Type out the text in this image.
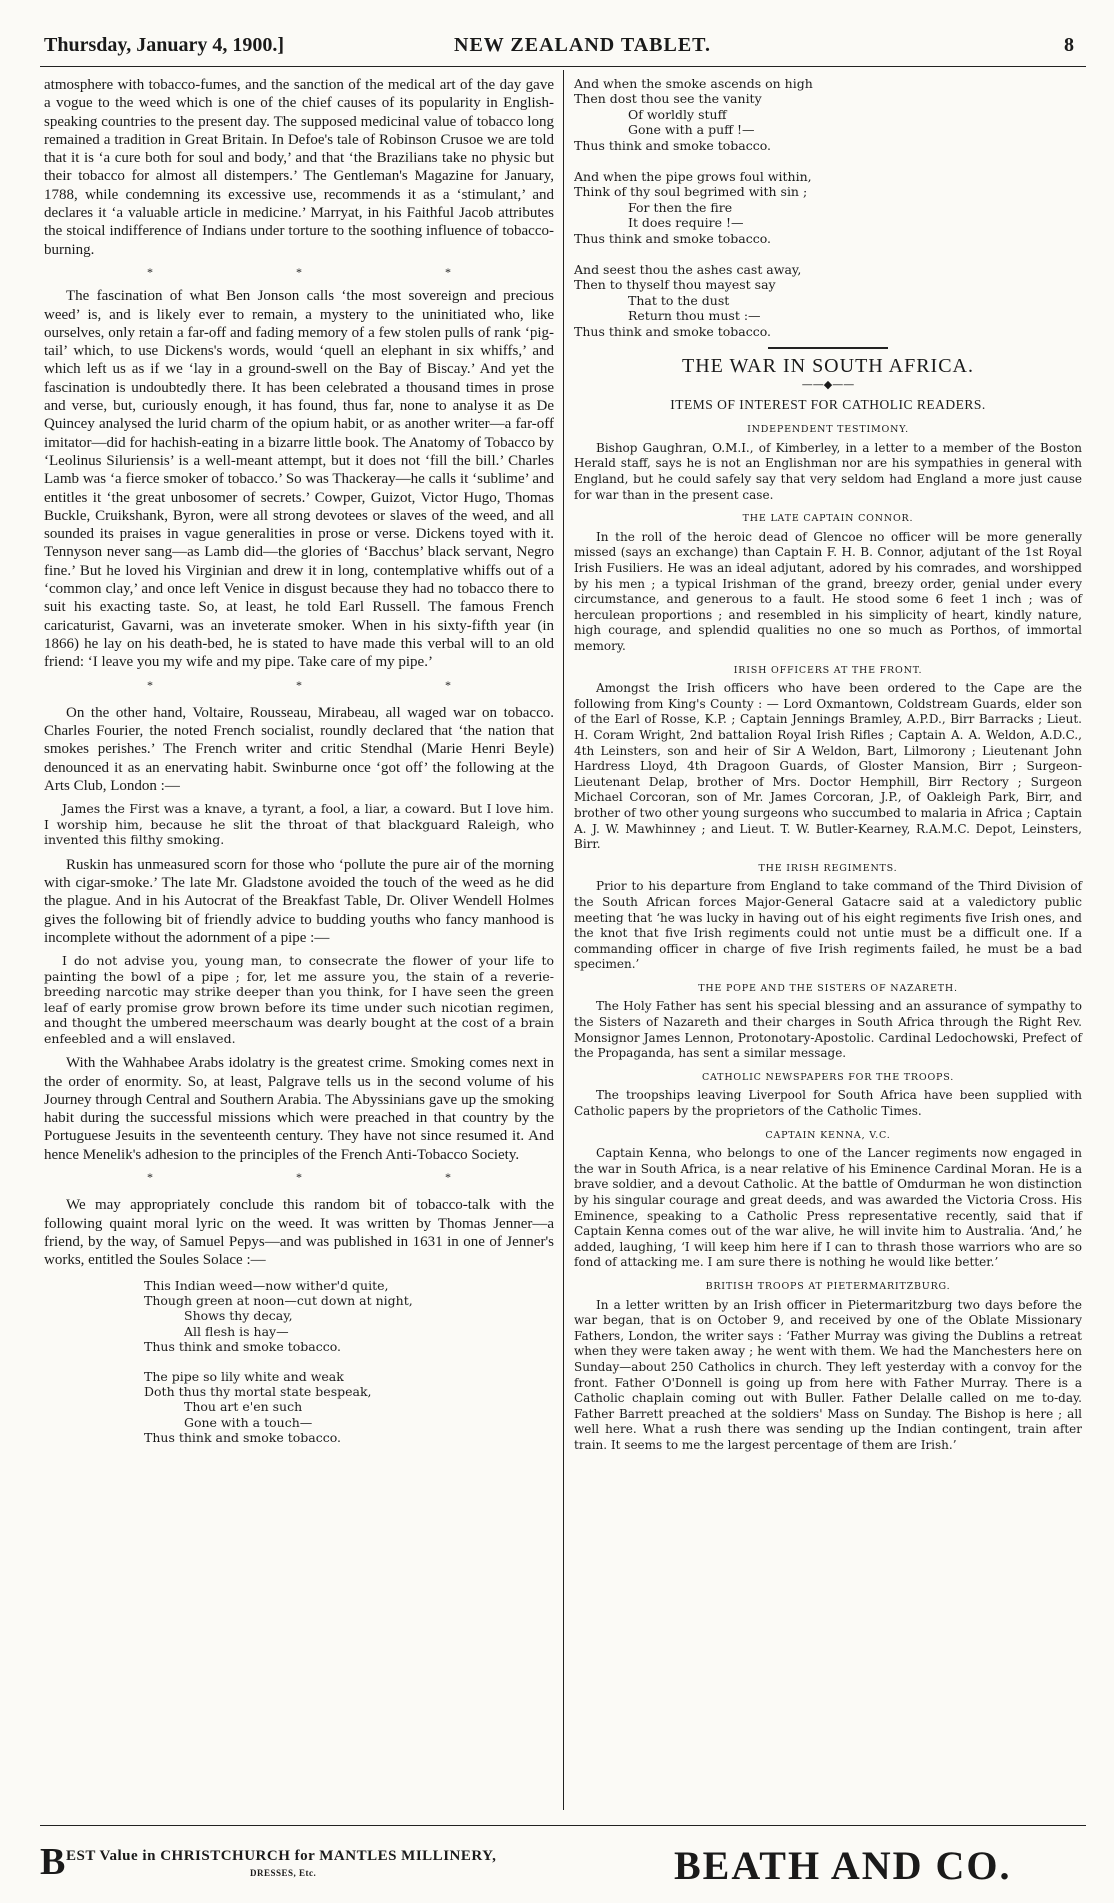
Thursday, January 4, 1900.]	NEW ZEALAND TABLET.	8

atmosphere with tobacco-fumes, and the sanction of the medical art of the day gave a vogue to the weed which is one of the chief causes of its popularity in English-speaking countries to the present day. The supposed medicinal value of tobacco long remained a tradition in Great Britain. In Defoe's tale of Robinson Crusoe we are told that it is ‘a cure both for soul and body,’ and that ‘the Brazilians take no physic but their tobacco for almost all distempers.’ The Gentleman's Magazine for January, 1788, while condemning its excessive use, recommends it as a ‘stimulant,’ and declares it ‘a valuable article in medicine.’ Marryat, in his Faithful Jacob attributes the stoical indifference of Indians under torture to the soothing influence of tobacco-burning.

* * *

The fascination of what Ben Jonson calls ‘the most sovereign and precious weed’ is, and is likely ever to remain, a mystery to the uninitiated who, like ourselves, only retain a far-off and fading memory of a few stolen pulls of rank ‘pig-tail’ which, to use Dickens's words, would ‘quell an elephant in six whiffs,’ and which left us as if we ‘lay in a ground-swell on the Bay of Biscay.’ And yet the fascination is undoubtedly there. It has been celebrated a thousand times in prose and verse, but, curiously enough, it has found, thus far, none to analyse it as De Quincey analysed the lurid charm of the opium habit, or as another writer—a far-off imitator—did for hachish-eating in a bizarre little book. The Anatomy of Tobacco by ‘Leolinus Siluriensis’ is a well-meant attempt, but it does not ‘fill the bill.’ Charles Lamb was ‘a fierce smoker of tobacco.’ So was Thackeray—he calls it ‘sublime’ and entitles it ‘the great unbosomer of secrets.’ Cowper, Guizot, Victor Hugo, Thomas Buckle, Cruikshank, Byron, were all strong devotees or slaves of the weed, and all sounded its praises in vague generalities in prose or verse. Dickens toyed with it. Tennyson never sang—as Lamb did—the glories of ‘Bacchus’ black servant, Negro fine.’ But he loved his Virginian and drew it in long, contemplative whiffs out of a ‘common clay,’ and once left Venice in disgust because they had no tobacco there to suit his exacting taste. So, at least, he told Earl Russell. The famous French caricaturist, Gavarni, was an inveterate smoker. When in his sixty-fifth year (in 1866) he lay on his death-bed, he is stated to have made this verbal will to an old friend: ‘I leave you my wife and my pipe. Take care of my pipe.’

* * *

On the other hand, Voltaire, Rousseau, Mirabeau, all waged war on tobacco. Charles Fourier, the noted French socialist, roundly declared that ‘the nation that smokes perishes.’ The French writer and critic Stendhal (Marie Henri Beyle) denounced it as an enervating habit. Swinburne once ‘got off’ the following at the Arts Club, London :—

James the First was a knave, a tyrant, a fool, a liar, a coward. But I love him. I worship him, because he slit the throat of that blackguard Raleigh, who invented this filthy smoking.

Ruskin has unmeasured scorn for those who ‘pollute the pure air of the morning with cigar-smoke.’ The late Mr. Gladstone avoided the touch of the weed as he did the plague. And in his Autocrat of the Breakfast Table, Dr. Oliver Wendell Holmes gives the following bit of friendly advice to budding youths who fancy manhood is incomplete without the adornment of a pipe :—

I do not advise you, young man, to consecrate the flower of your life to painting the bowl of a pipe ; for, let me assure you, the stain of a reverie-breeding narcotic may strike deeper than you think, for I have seen the green leaf of early promise grow brown before its time under such nicotian regimen, and thought the umbered meerschaum was dearly bought at the cost of a brain enfeebled and a will enslaved.

With the Wahhabee Arabs idolatry is the greatest crime. Smoking comes next in the order of enormity. So, at least, Palgrave tells us in the second volume of his Journey through Central and Southern Arabia. The Abyssinians gave up the smoking habit during the successful missions which were preached in that country by the Portuguese Jesuits in the seventeenth century. They have not since resumed it. And hence Menelik's adhesion to the principles of the French Anti-Tobacco Society.

* * *

We may appropriately conclude this random bit of tobacco-talk with the following quaint moral lyric on the weed. It was written by Thomas Jenner—a friend, by the way, of Samuel Pepys—and was published in 1631 in one of Jenner's works, entitled the Soules Solace :—

This Indian weed—now wither'd quite,
Though green at noon—cut down at night,
Shows thy decay,
All flesh is hay—
Thus think and smoke tobacco.
The pipe so lily white and weak
Doth thus thy mortal state bespeak,
Thou art e'en such
Gone with a touch—
Thus think and smoke tobacco.
And when the smoke ascends on high
Then dost thou see the vanity
Of worldly stuff
Gone with a puff !—
Thus think and smoke tobacco.
And when the pipe grows foul within,
Think of thy soul begrimed with sin ;
For then the fire
It does require !—
Thus think and smoke tobacco.
And seest thou the ashes cast away,
Then to thyself thou mayest say
That to the dust
Return thou must :—
Thus think and smoke tobacco.
THE WAR IN SOUTH AFRICA.
——◆——
ITEMS OF INTEREST FOR CATHOLIC READERS.
INDEPENDENT TESTIMONY.

Bishop Gaughran, O.M.I., of Kimberley, in a letter to a member of the Boston Herald staff, says he is not an Englishman nor are his sympathies in general with England, but he could safely say that very seldom had England a more just cause for war than in the present case.

THE LATE CAPTAIN CONNOR.

In the roll of the heroic dead of Glencoe no officer will be more generally missed (says an exchange) than Captain F. H. B. Connor, adjutant of the 1st Royal Irish Fusiliers. He was an ideal adjutant, adored by his comrades, and worshipped by his men ; a typical Irishman of the grand, breezy order, genial under every circumstance, and generous to a fault. He stood some 6 feet 1 inch ; was of herculean proportions ; and resembled in his simplicity of heart, kindly nature, high courage, and splendid qualities no one so much as Porthos, of immortal memory.

IRISH OFFICERS AT THE FRONT.

Amongst the Irish officers who have been ordered to the Cape are the following from King's County : — Lord Oxmantown, Coldstream Guards, elder son of the Earl of Rosse, K.P. ; Captain Jennings Bramley, A.P.D., Birr Barracks ; Lieut. H. Coram Wright, 2nd battalion Royal Irish Rifles ; Captain A. A. Weldon, A.D.C., 4th Leinsters, son and heir of Sir A Weldon, Bart, Lilmorony ; Lieutenant John Hardress Lloyd, 4th Dragoon Guards, of Gloster Mansion, Birr ; Surgeon-Lieutenant Delap, brother of Mrs. Doctor Hemphill, Birr Rectory ; Surgeon Michael Corcoran, son of Mr. James Corcoran, J.P., of Oakleigh Park, Birr, and brother of two other young surgeons who succumbed to malaria in Africa ; Captain A. J. W. Mawhinney ; and Lieut. T. W. Butler-Kearney, R.A.M.C. Depot, Leinsters, Birr.

THE IRISH REGIMENTS.

Prior to his departure from England to take command of the Third Division of the South African forces Major-General Gatacre said at a valedictory public meeting that ‘he was lucky in having out of his eight regiments five Irish ones, and the knot that five Irish regiments could not untie must be a difficult one. If a commanding officer in charge of five Irish regiments failed, he must be a bad specimen.’

THE POPE AND THE SISTERS OF NAZARETH.

The Holy Father has sent his special blessing and an assurance of sympathy to the Sisters of Nazareth and their charges in South Africa through the Right Rev. Monsignor James Lennon, Protonotary-Apostolic. Cardinal Ledochowski, Prefect of the Propaganda, has sent a similar message.

CATHOLIC NEWSPAPERS FOR THE TROOPS.

The troopships leaving Liverpool for South Africa have been supplied with Catholic papers by the proprietors of the Catholic Times.

CAPTAIN KENNA, V.C.

Captain Kenna, who belongs to one of the Lancer regiments now engaged in the war in South Africa, is a near relative of his Eminence Cardinal Moran. He is a brave soldier, and a devout Catholic. At the battle of Omdurman he won distinction by his singular courage and great deeds, and was awarded the Victoria Cross. His Eminence, speaking to a Catholic Press representative recently, said that if Captain Kenna comes out of the war alive, he will invite him to Australia. ‘And,’ he added, laughing, ‘I will keep him here if I can to thrash those warriors who are so fond of attacking me. I am sure there is nothing he would like better.’

BRITISH TROOPS AT PIETERMARITZBURG.

In a letter written by an Irish officer in Pietermaritzburg two days before the war began, that is on October 9, and received by one of the Oblate Missionary Fathers, London, the writer says : ‘Father Murray was giving the Dublins a retreat when they were taken away ; he went with them. We had the Manchesters here on Sunday—about 250 Catholics in church. They left yesterday with a convoy for the front. Father O'Donnell is going up from here with Father Murray. There is a Catholic chaplain coming out with Buller. Father Delalle called on me to-day. Father Barrett preached at the soldiers' Mass on Sunday. The Bishop is here ; all well here. What a rush there was sending up the Indian contingent, train after train. It seems to me the largest percentage of them are Irish.’

B EST Value in CHRISTCHURCH for MANTLES MILLINERY,
DRESSES, Etc.	BEATH AND CO.
